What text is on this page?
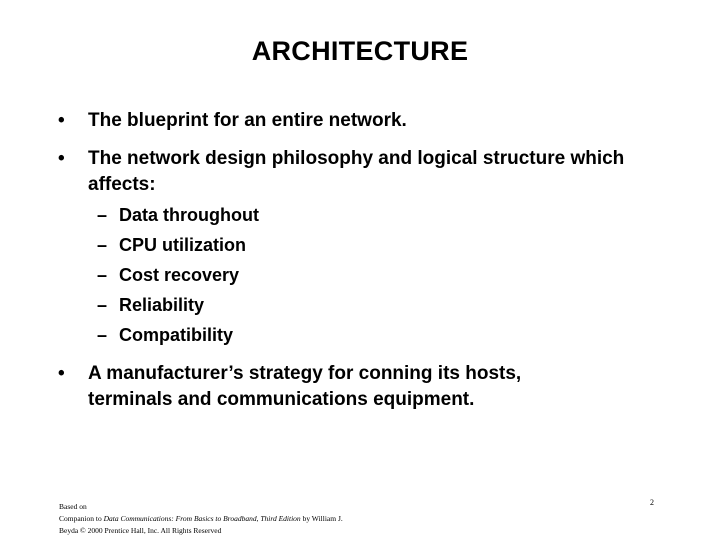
ARCHITECTURE
• The blueprint for an entire network.
• The network design philosophy and logical structure which affects:
– Data throughout
– CPU utilization
– Cost recovery
– Reliability
– Compatibility
• A manufacturer’s strategy for conning its hosts, terminals and communications equipment.
Based on
Companion to Data Communications: From Basics to Broadband, Third Edition by William J.
Beyda © 2000 Prentice Hall, Inc. All Rights Reserved
2
